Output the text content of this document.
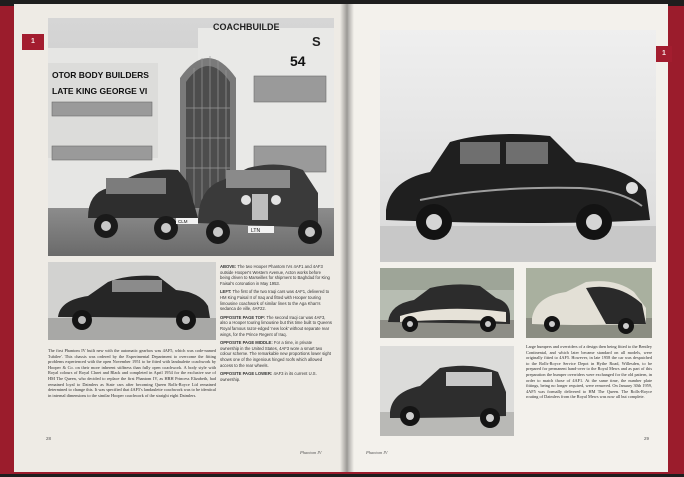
1
COACHBUILDE
S
OTOR BODY BUILDERS
LATE KING GEORGE VI
54
CLM
LTN
ABOVE: The two Hooper Phantom IVs 4AF1 and 4AF3 outside Hooper's Western Avenue, Acton works before being driven to Marseilles for shipment to Baghdad for King Faisal's coronation in May 1953.
LEFT: The first of the two Iraqi cars was 4AF1, delivered to HM King Faisal II of Iraq and fitted with Hooper touring limousine coachwork of similar lines to the Aga Khan's sedanca de ville, 4AF22.
OPPOSITE PAGE TOP: The second Iraqi car was 4AF3, also a Hooper touring limousine but this time built to Queens Royal famous razor-edged 'new look' without separate rear wings, for the Prince Regent of Iraq.
OPPOSITE PAGE MIDDLE: For a time, in private ownership in the United States, 4AF3 wore a smart two colour scheme. The remarkable new proportions lower sight shows one of the ingenious hinged roofs which allowed access to the rear wheels.
OPPOSITE PAGE LOWER: 4AF3 in its current U.S. ownership.
The first Phantom IV built new with the automatic gearbox was 4AF5, which was code-named 'Jubilee'. This chassis was ordered by the Experimental Department to overcome the fitting problems experienced with the open November 1951 to be fitted with landaulette coachwork by Hooper & Co. on their more inherent stiffness than fully open coachwork. A body style with Royal colours of Royal Claret and Black and completed in April 1954 for the exclusive use of HM The Queen, who decided to replace the first Phantom IV, as HRH Princess Elizabeth, had remained loyal to Daimlers as State cars after becoming Queen Rolls-Royce Ltd remained determined to change this. It was specified that 4AF5's landaulette coachwork was to be identical in internal dimensions to the similar Hooper coachwork of the straight eight Daimlers.
28
Phantom IV
1
Large bumpers and overriders of a design then being fitted to the Bentley Continental, and which later became standard on all models, were originally fitted to 4AF5. However, in late 1958 the car was despatched to the Rolls-Royce Service Depot in Hythe Road, Willesden, to be prepared for permanent hand-over to the Royal Mews and as part of this preparation the bumper overriders were exchanged for the old pattern, in order to match those of 4AF1. At the same time, the number plate fittings, being no longer required, were removed. On January 30th 1959, 4AF5 was formally delivered to HM The Queen. The Rolls-Royce routing of Daimlers from the Royal Mews was now all but complete.
Phantom IV
29
